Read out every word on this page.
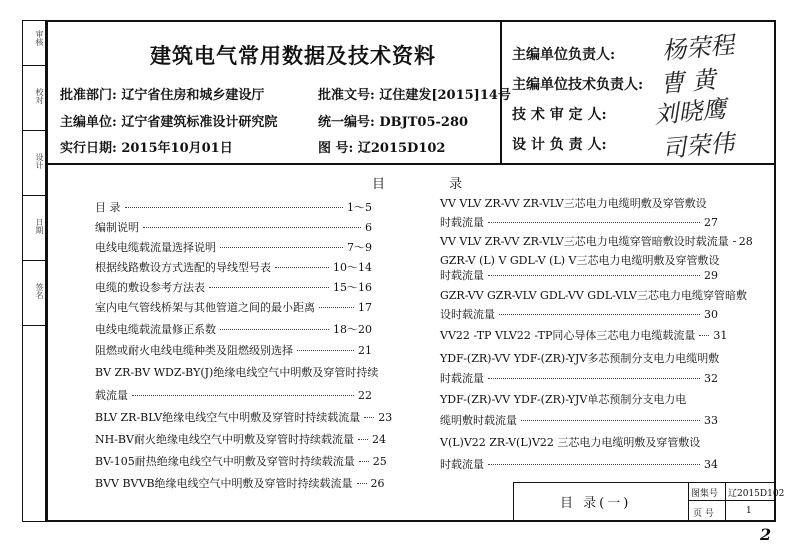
审核
校对
设计
日期
签名
建筑电气常用数据及技术资料
批准部门: 辽宁省住房和城乡建设厅	批准文号: 辽住建发[2015]14号
主编单位: 辽宁省建筑标准设计研究院	统一编号: DBJT05-280
实行日期: 2015年10月01日	图 号: 辽2015D102
主编单位负责人:
主编单位技术负责人:
技 术 审 定 人:
设 计 负 责 人:
杨荣程
曹 黄
刘晓鹰
司荣伟
目 录
目 录	1～5
编制说明	6
电线电缆载流量选择说明	7～9
根据线路敷设方式选配的导线型号表	10～14
电缆的敷设参考方法表	15～16
室内电气管线桥架与其他管道之间的最小距离	17
电线电缆载流量修正系数	18～20
阻燃或耐火电线电缆种类及阻燃级别选择	21
BV ZR-BV WDZ-BY(J)绝缘电线空气中明敷及穿管时持续
载流量	22
BLV ZR-BLV绝缘电线空气中明敷及穿管时持续载流量 23
NH-BV耐火绝缘电线空气中明敷及穿管时持续载流量 24
BV-105耐热绝缘电线空气中明敷及穿管时持续载流量 25
BVV BVVB绝缘电线空气中明敷及穿管时持续载流量 26
VV VLV ZR-VV ZR-VLV三芯电力电缆明敷及穿管敷设
时载流量	27
VV VLV ZR-VV ZR-VLV三芯电力电缆穿管暗敷设时载流量 28
GZR-V (L) V GDL-V (L) V三芯电力电缆明敷及穿管敷设
时载流量	29
GZR-VV GZR-VLV GDL-VV GDL-VLV三芯电力电缆穿管暗敷
设时载流量	30
VV22 -TP VLV22 -TP同心导体三芯电力电缆载流量 31
YDF-(ZR)-VV YDF-(ZR)-YJV多芯预制分支电力电缆明敷
时载流量	32
YDF-(ZR)-VV YDF-(ZR)-YJV单芯预制分支电力电
缆明敷时载流量	33
V(L)V22 ZR-V(L)V22 三芯电力电缆明敷及穿管敷设
时载流量	34
目 录(一)
图集号 辽2015D102
页 号	1
2
